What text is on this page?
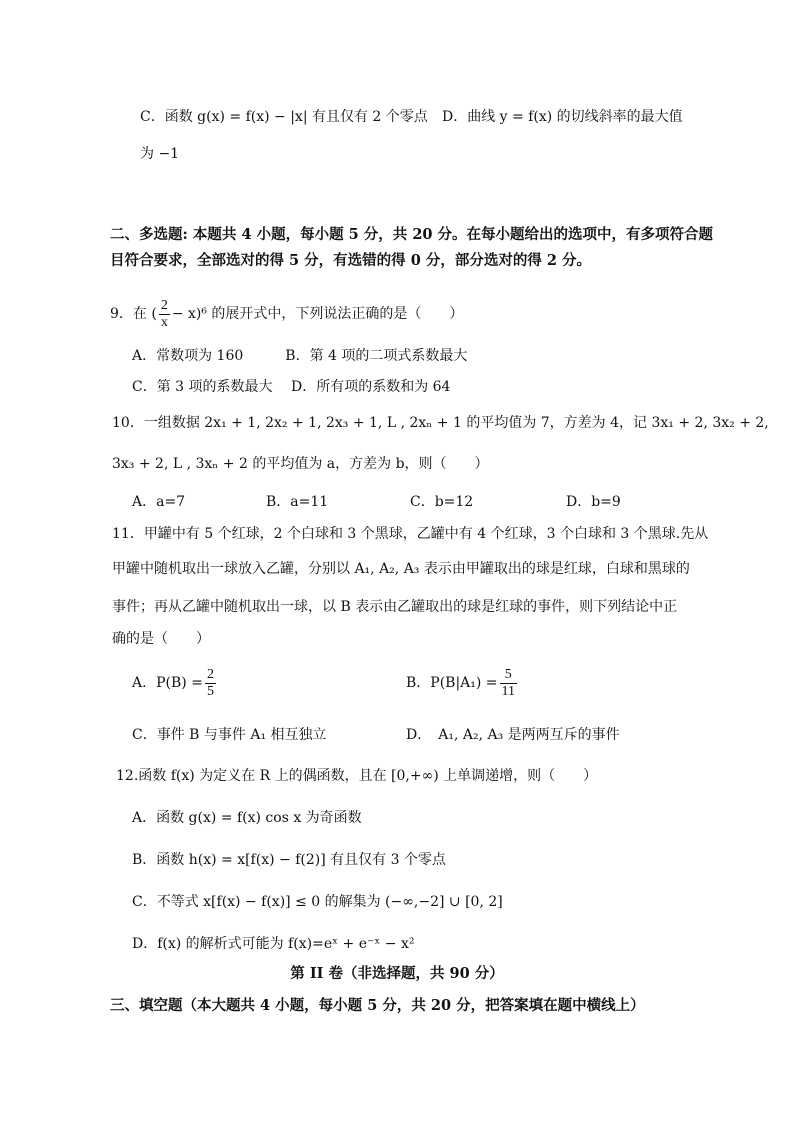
C．函数 g(x) = f(x) − |x| 有且仅有 2 个零点 D．曲线 y = f(x) 的切线斜率的最大值
为 −1
二、多选题: 本题共 4 小题，每小题 5 分，共 20 分。在每小题给出的选项中，有多项符合题
目符合要求，全部选对的得 5 分，有选错的得 0 分，部分选对的得 2 分。
9．在 ( $\frac{2}{x} - x)^6$ 的展开式中，下列说法正确的是（　　）
A．常数项为 160　　　B．第 4 项的二项式系数最大
C．第 3 项的系数最大　 D．所有项的系数和为 64
10．一组数据 2x₁ + 1, 2x₂ + 1, 2x₃ + 1, L , 2xₙ + 1 的平均值为 7，方差为 4，记 3x₁ + 2, 3x₂ + 2,
3x₃ + 2, L , 3xₙ + 2 的平均值为 a，方差为 b，则（　　）
A．a=7	B．a=11	C．b=12	D．b=9
11．甲罐中有 5 个红球，2 个白球和 3 个黑球，乙罐中有 4 个红球，3 个白球和 3 个黑球.先从
甲罐中随机取出一球放入乙罐，分别以 A₁, A₂, A₃ 表示由甲罐取出的球是红球，白球和黑球的
事件；再从乙罐中随机取出一球，以 B 表示由乙罐取出的球是红球的事件，则下列结论中正
确的是（　　）
A．$P(B) = \frac{2}{5}$	B．$P(B|A_1) = \frac{5}{11}$
C．事件 B 与事件 A₁ 相互独立	D．　A₁, A₂, A₃ 是两两互斥的事件
12.函数 f(x) 为定义在 R 上的偶函数，且在 [0,+∞) 上单调递增，则（　　）
A．函数 g(x) = f(x) cos x 为奇函数
B．函数 h(x) = x[f(x) − f(2)] 有且仅有 3 个零点
C．不等式 x[f(x) − f(x)] ≤ 0 的解集为 (−∞,−2] ∪ [0, 2]
D．f(x) 的解析式可能为 f(x)=eˣ + e⁻ˣ − x²
第 II 卷（非选择题，共 90 分）
三、填空题（本大题共 4 小题，每小题 5 分，共 20 分，把答案填在题中横线上）
